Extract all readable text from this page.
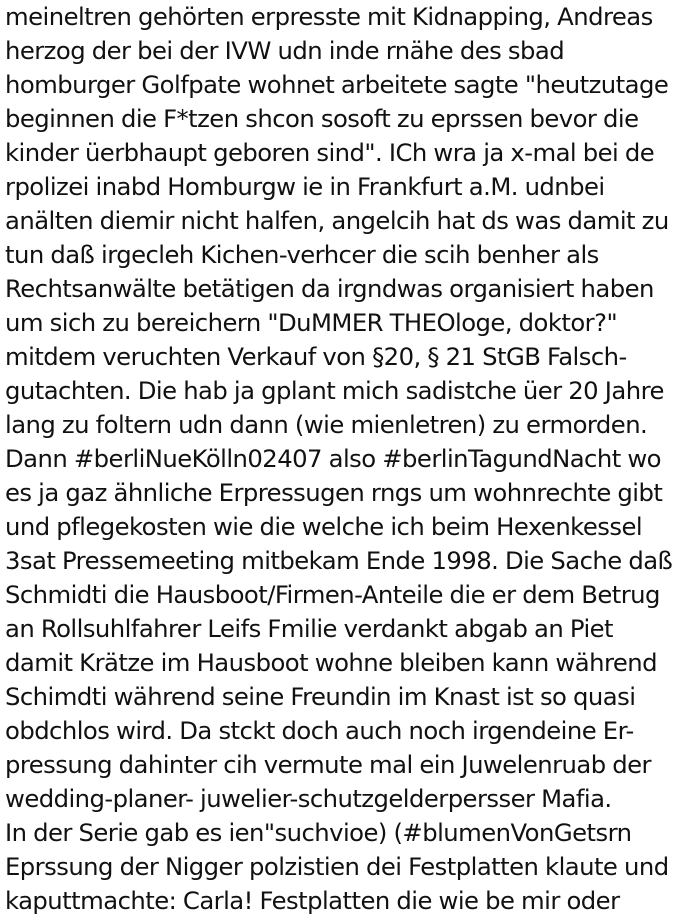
meineltren gehörten erpresste mit Kidnapping, Andreas
herzog der bei der IVW udn inde rnähe des sbad
homburger Golfpate wohnet arbeitete sagte "heutzutage
beginnen die F*tzen shcon sosoft zu eprssen bevor die
kinder üerbhaupt geboren sind". ICh wra ja x-mal bei de
rpolizei inabd Homburgw ie in Frankfurt a.M. udnbei
anälten diemir nicht halfen, angelcih hat ds was damit zu
tun daß irgecleh Kichen-verhcer die scih benher als
Rechtsanwälte betätigen da irgndwas organisiert haben
um sich zu bereichern "DuMMER THEOloge, doktor?"
mitdem veruchten Verkauf von §20, § 21 StGB Falsch-
gutachten. Die hab ja gplant mich sadistche üer 20 Jahre
lang zu foltern udn dann (wie mienletren) zu ermorden.
Dann #berliNueKölln02407 also #berlinTagundNacht wo
es ja gaz ähnliche Erpressugen rngs um wohnrechte gibt
und pflegekosten wie die welche ich beim Hexenkessel
3sat Pressemeeting mitbekam Ende 1998. Die Sache daß
Schmidti die Hausboot/Firmen-Anteile die er dem Betrug
an Rollsuhlfahrer Leifs Fmilie verdankt abgab an Piet
damit Krätze im Hausboot wohne bleiben kann während
Schimdti während seine Freundin im Knast ist so quasi
obdchlos wird. Da stckt doch auch noch irgendeine Er-
pressung dahinter cih vermute mal ein Juwelenruab der
wedding-planer- juwelier-schutzgelderpersser Mafia.
In der Serie gab es ien"suchvioe) (#blumenVonGetsrn
Eprssung der Nigger polzistien dei Festplatten klaute und
kaputtmachte: Carla! Festplatten die wie be mir oder
